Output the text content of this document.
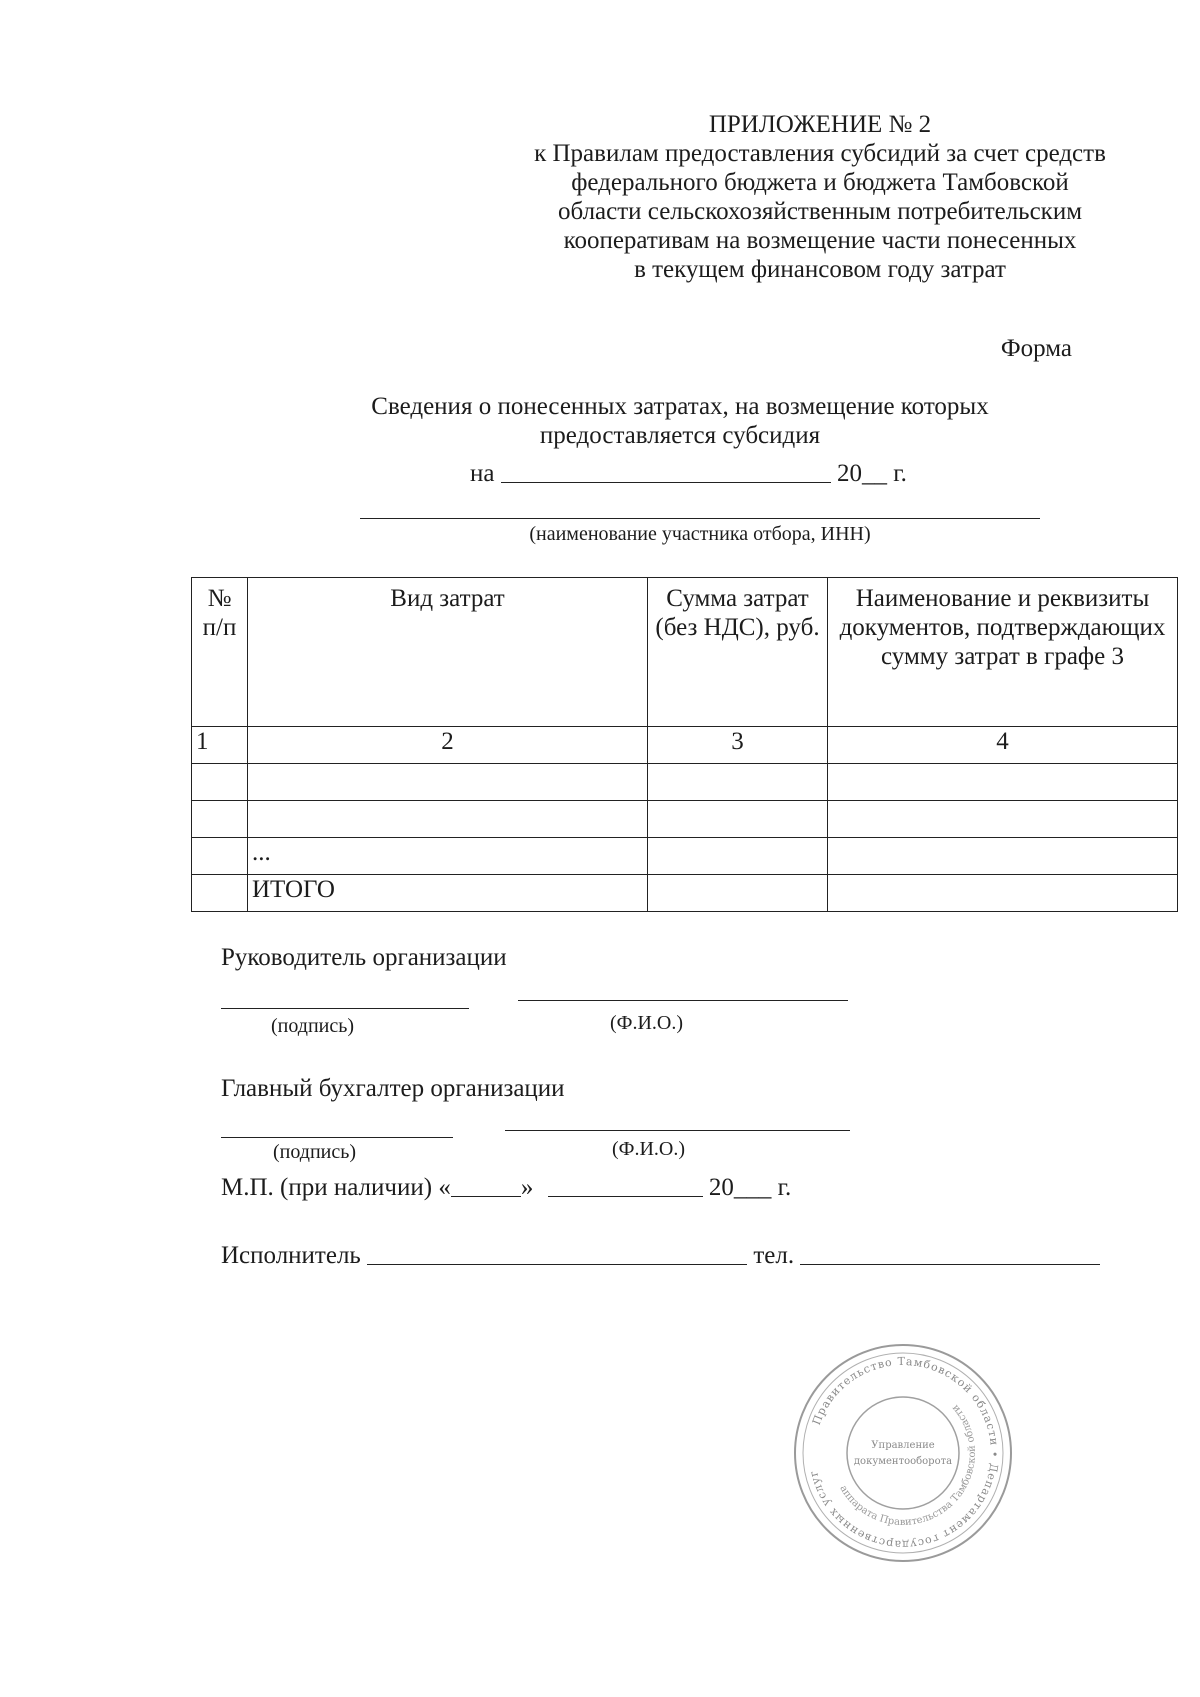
ПРИЛОЖЕНИЕ № 2
к Правилам предоставления субсидий за счет средств
федерального бюджета и бюджета Тамбовской
области сельскохозяйственным потребительским
кооперативам на возмещение части понесенных
в текущем финансовом году затрат
Форма
Сведения о понесенных затратах, на возмещение которых
предоставляется субсидия
на	20__ г.
(наименование участника отбора, ИНН)
№ п/п	Вид затрат	Сумма затрат (без НДС), руб.	Наименование и реквизиты документов, подтверждающих сумму затрат в графе 3
1	2	3	4

	...		
	ИТОГО		
Руководитель организации
(подпись)	(Ф.И.О.)
Главный бухгалтер организации
(подпись)	(Ф.И.О.)
М.П. (при наличии) «	»	20___ г.
Исполнитель	тел.
Правительство Тамбовской области • Департамент государственных услуг
аппарата Правительства Тамбовской области
Управление
документооборота
